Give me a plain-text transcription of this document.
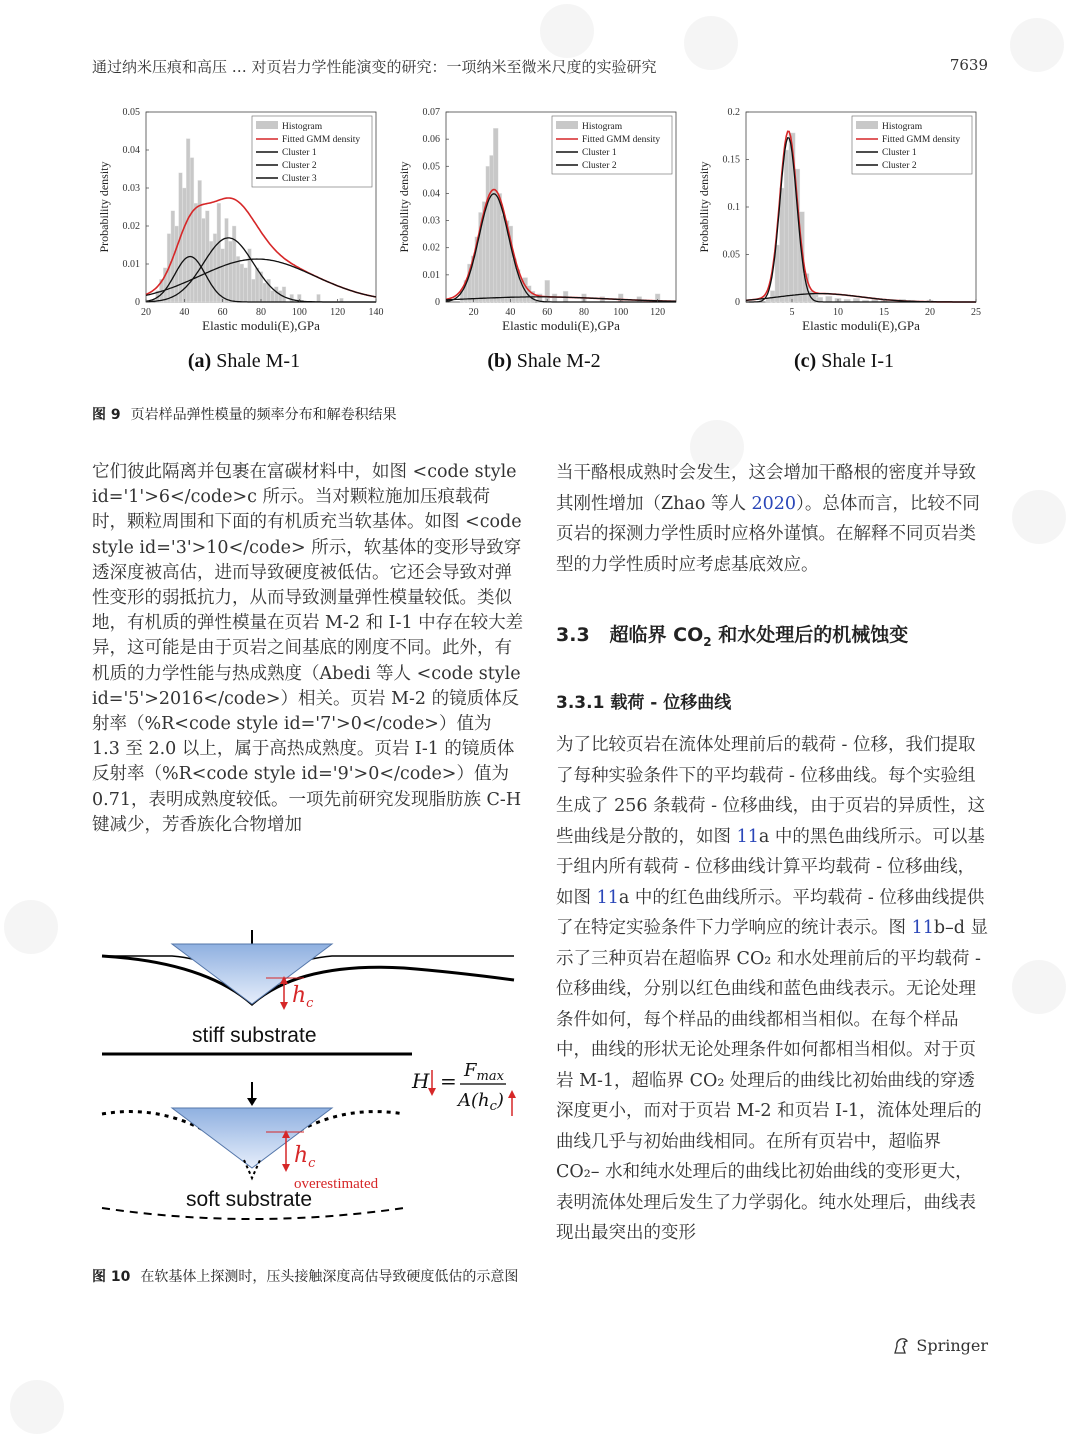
通过纳米压痕和高压 … 对页岩力学性能演变的研究：一项纳米至微米尺度的实验研究	7639
20	40	60	80	100 120 140
0
0.01
0.02
0.03
0.04
0.05
Elastic moduli(E),GPa
Probability density
Histogram
Fitted GMM density
Cluster 1
Cluster 2
Cluster 3
(a) Shale M-1
20	40	60	80 100 120
0
0.01
0.02
0.03
0.04
0.05
0.06
0.07
Elastic moduli(E),GPa
Probability density
Histogram
Fitted GMM density
Cluster 1
Cluster 2
(b) Shale M-2
5	10	15	20	25
0
0.05
0.1
0.15
0.2
Elastic moduli(E),GPa
Probability density
Histogram
Fitted GMM density
Cluster 1
Cluster 2
(c) Shale I-1
图 9 页岩样品弹性模量的频率分布和解卷积结果
它们彼此隔离并包裹在富碳材料中，如图 <code style id='1'>6</code>c 所示。当对颗粒施加压痕载荷时，颗粒周围和下面的有机质充当软基体。如图 <code style id='3'>10</code> 所示，软基体的变形导致穿透深度被高估，进而导致硬度被低估。它还会导致对弹性变形的弱抵抗力，从而导致测量弹性模量较低。类似地，有机质的弹性模量在页岩 M-2 和 I-1 中存在较大差异，这可能是由于页岩之间基底的刚度不同。此外，有机质的力学性能与热成熟度（Abedi 等人 <code style id='5'>2016</code>）相关。页岩 M-2 的镜质体反射率（%R<code style id='7'>0</code>）值为 1.3 至 2.0 以上，属于高热成熟度。页岩 I-1 的镜质体反射率（%R<code style id='9'>0</code>）值为 0.71，表明成熟度较低。一项先前研究发现脂肪族 C-H 键减少，芳香族化合物增加
$h_c$
stiff substrate
$H = F_{max}$
$A(h_c)$
$h_c$
overestimated
soft substrate
图 10 在软基体上探测时，压头接触深度高估导致硬度低估的示意图
当干酪根成熟时会发生，这会增加干酪根的密度并导致其刚性增加（Zhao 等人 2020）。总体而言，比较不同页岩的探测力学性质时应格外谨慎。在解释不同页岩类型的力学性质时应考虑基底效应。
3.3 超临界 $CO_2$ 和水处理后的机械蚀变
3.3.1 载荷 - 位移曲线
为了比较页岩在流体处理前后的载荷 - 位移，我们提取了每种实验条件下的平均载荷 - 位移曲线。每个实验组生成了 256 条载荷 - 位移曲线，由于页岩的异质性，这些曲线是分散的，如图 11a 中的黑色曲线所示。可以基于组内所有载荷 - 位移曲线计算平均载荷 - 位移曲线，如图 11a 中的红色曲线所示。平均载荷 - 位移曲线提供了在特定实验条件下力学响应的统计表示。图 11b–d 显示了三种页岩在超临界 CO₂ 和水处理前后的平均载荷 - 位移曲线，分别以红色曲线和蓝色曲线表示。无论处理条件如何，每个样品的曲线都相当相似。在每个样品中，曲线的形状无论处理条件如何都相当相似。对于页岩 M-1，超临界 CO₂ 处理后的曲线比初始曲线的穿透深度更小，而对于页岩 M-2 和页岩 I-1，流体处理后的曲线几乎与初始曲线相同。在所有页岩中，超临界 CO₂– 水和纯水处理后的曲线比初始曲线的变形更大，表明流体处理后发生了力学弱化。纯水处理后，曲线表现出最突出的变形
Springer
